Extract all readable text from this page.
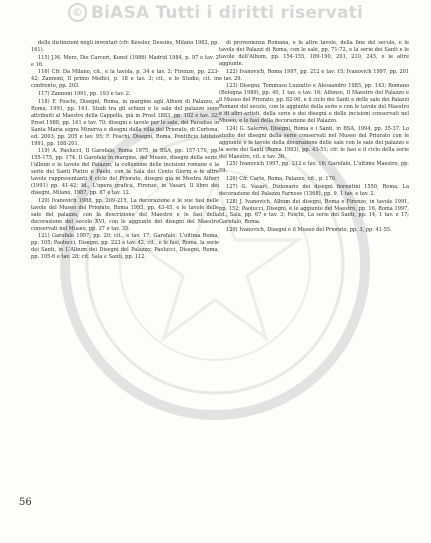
© BiASA Tutti i diritti riservati

delle distinzioni negli inventari (cfr. Kessler, Dessins, Milano 1982, pp. 161).

115) J.M. Merz, Die Carceri, Kunst (1986) Madrid 1984, p. 97 e tav. 2 e 16.

116) Cfr. Da Milano, cit., e la tavola, p. 34 e tav. 2; Firenze, pp. 223-42; Zannoni, Il primo Medici, p. 18 e tav. 3; cit., e lo Studio, cit. in confronto, pp. 203.

117) Zannoni 1991, pp. 193 e tav. 2.

118) F. Foschi, Disegni, Roma, in margine agli Album di Palazzo, a Roma, 1991, pp. 161. Studi tra gli schizzi e le sale del palazzo sono attribuiti al Maestro della Cappella, già in Prost 1883, pp. 102 e tav. 32; Prost 1988, pp. 161 e tav. 70; disegni e tavole per le sale, dei Paradiso in Santa Maria sopra Minerva e disegni dalla villa del Priorato, di Cortona, ed. 2003, pp. 205 e tav. 95; F. Foschi, Disegni, Roma, Pontificio Istituto 1991, pp. 188-201.

119) A. Paolucci, Il Garofalo, Roma 1975, in BSA, pp. 157-170, pp. 155-175, pp. 174. Il Garofalo in margine, del Museo, disegni della serie, l'album e le tavole del Palazzo, la collezione delle incisioni romane e la serie dei Santi Pietro e Paolo, con la Sala dei Cento Giorni e le altre tavole rappresentanti il ciclo del Priorato, disegni già in Mostra Alfieri (1991) pp. 41-42; Id., L'opera grafica, Firenze, in Vasari, Il libro dei disegni, Milano, 1987, pp. 67 e tav. 12.

120) Ivanovich 1988, pp. 209-215, La decorazione e le sue fasi nelle tavole del Museo del Priorato, Roma 1993, pp. 43-45, e le tavole delle sale del palazzo, con la descrizione del Maestro e le fasi della decorazione del secolo XVI, con le aggiunte dei disegni del Maestro conservati nel Museo, pp. 27 e tav. 35.

121) Garofalo 1997, pp. 20; cit., e tav. 17; Garofalo, L'ultima Roma, pp. 105; Paolucci, Disegni, pp. 223 e tav. 42, cit., e le fasi, Roma, la serie dei Santi, in L'Album dei Disegni del Palazzo; Paolucci, Disegni, Roma, pp. 105-6 e tav. 28; cit. Sala e Santi, pp. 112.

di provenienza Romana, e le altre tavole, della fine del secolo, e le tavole dei Palazzi di Roma, con le sale, pp. 71-72, e la serie dei Santi e le tavole dell'Album, pp. 154-155, 189-190, 201, 210, 245, e le altre aggiunte.

122) Ivanovich, Roma 1997, pp. 212 e tav. 15; Ivanovich 1997, pp. 201 e tav. 29.

123) Disegni: Tommaso Luzzatto e Alessandro 1985, pp. 143; Romano (Bologna 1989), pp. 40, 1 tav. e tav. 16; Alfonso, Il Maestro del Palazzo e il Museo del Priorato, pp. 82-90, e il ciclo dei Santi e delle sale dei Palazzi Romani del secolo, con le aggiunte della serie e con le tavole del Maestro e di altri artisti, della serie e dei disegni e delle incisioni conservati nel Museo, e le fasi della decorazione del Palazzo.

124) G. Salerno, Disegni, Roma e i Santi, in BSA, 1994, pp. 35-37. Lo studio dei disegni della serie conservati nel Museo del Priorato con le aggiunte e le tavole della decorazione delle sale con le sale del palazzo e la serie dei Santi (Roma 1993), pp. 43-51; cfr. le fasi e il ciclo della serie del Maestro, cit. e tav. 36.

125) Ivanovich 1997, pp. 212 e tav. 16; Garofalo, L'ultimo Maestro, pp. 59.

126) Cfr. Carte, Roma, Palazzo, cit., p. 176.

127) G. Vasari, Dizionario dei disegni fiorentini 1550, Roma, La decorazione del Palazzo Farnese (1568), pp. 9, 1 tav. e tav. 2.

128) J. Ivanovich, Album dei disegni, Roma e Firenze, in tavole 1991, pp. 152; Paolucci, Disegni, e le aggiunte del Maestro, pp. 16, Roma 1997, Id., Sala, pp. 67 e tav. 3; Foschi, La serie dei Santi, pp. 14, 1 tav. e 17; Garofalo, Roma.

129) Ivanovich, Disegni e il Museo del Priorato, pp. 3, pp. 41-55.

56
